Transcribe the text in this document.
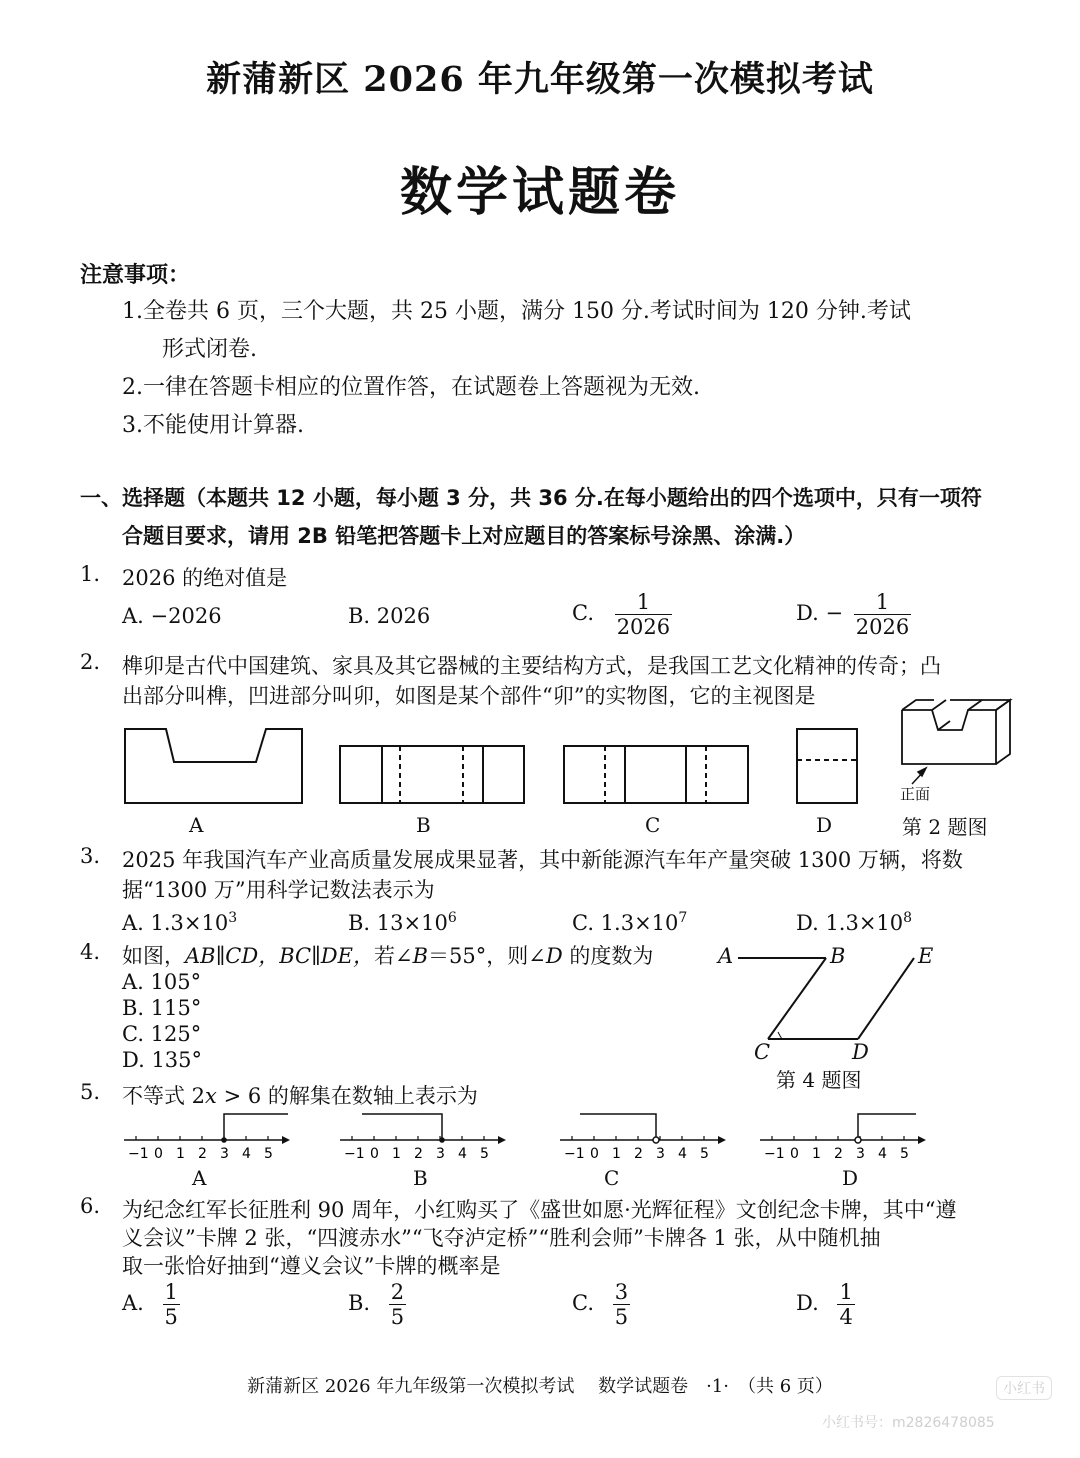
新蒲新区 2026 年九年级第一次模拟考试
数学试题卷
注意事项：
1.全卷共 6 页，三个大题，共 25 小题，满分 150 分.考试时间为 120 分钟.考试
形式闭卷.
2.一律在答题卡相应的位置作答，在试题卷上答题视为无效.
3.不能使用计算器.
一、选择题（本题共 12 小题，每小题 3 分，共 36 分.在每小题给出的四个选项中，只有一项符
合题目要求，请用 2B 铅笔把答题卡上对应题目的答案标号涂黑、涂满.）
1. 2026 的绝对值是
A. −2026	B. 2026	C. $\frac{1}{2026}$	D. − $\frac{1}{2026}$
2. 榫卯是古代中国建筑、家具及其它器械的主要结构方式，是我国工艺文化精神的传奇；凸
出部分叫榫，凹进部分叫卯，如图是某个部件“卯”的实物图，它的主视图是
正面
A	B	C	D	第 2 题图
3. 2025 年我国汽车产业高质量发展成果显著，其中新能源汽车年产量突破 1300 万辆，将数
据“1300 万”用科学记数法表示为
A. $1.3\times 10^3$	B. $13\times 10^6$	C. $1.3\times 10^7$	D. $1.3\times 10^8$
4. 如图，AB∥CD，BC∥DE，若∠B＝55°，则∠D 的度数为
A. 105°
B. 115°
C. 125°
D. 135°
A	B
C	D
E
第 4 题图
5. 不等式 2x > 6 的解集在数轴上表示为
−1 0 1 2 3 4 5	−1 0 1 2 3 4 5	−1 0 1 2 3 4 5	−1 0 1 2 3 4 5
A	B	C	D
6. 为纪念红军长征胜利 90 周年，小红购买了《盛世如愿·光辉征程》文创纪念卡牌，其中“遵
义会议”卡牌 2 张，“四渡赤水”“飞夺泸定桥”“胜利会师”卡牌各 1 张，从中随机抽
取一张恰好抽到“遵义会议”卡牌的概率是
A. $\frac{1}{5}$	B. $\frac{2}{5}$	C. $\frac{3}{5}$	D. $\frac{1}{4}$
新蒲新区 2026 年九年级第一次模拟考试　 数学试题卷　·1·　（共 6 页）	小红书
小红书号：m2826478085
